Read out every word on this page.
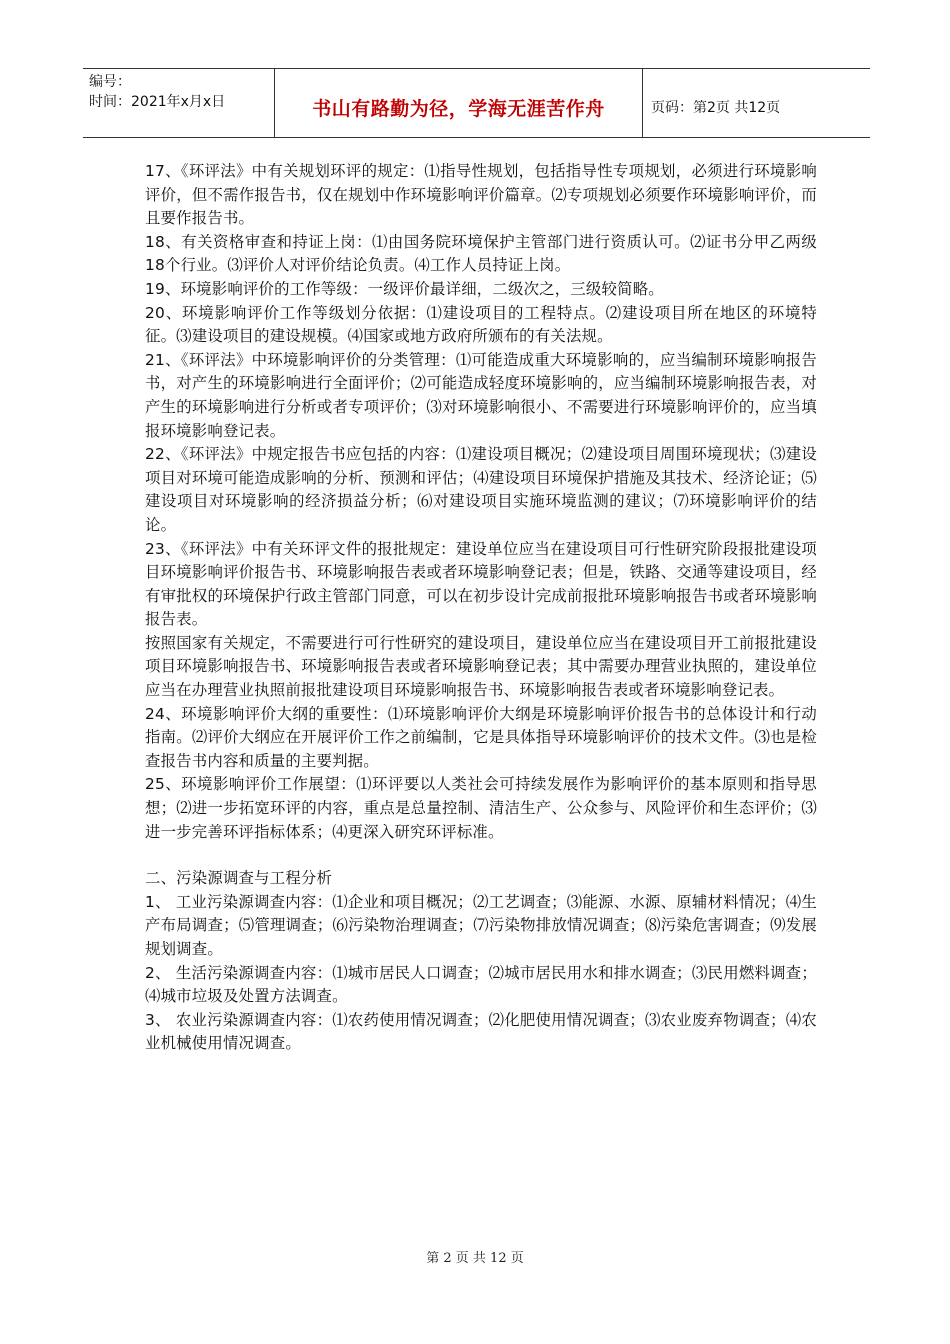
编号：
时间：2021年x月x日	书山有路勤为径，学海无涯苦作舟	页码：第2页 共12页

17、《环评法》中有关规划环评的规定：⑴指导性规划，包括指导性专项规划，必须进行环境影响评价，但不需作报告书，仅在规划中作环境影响评价篇章。⑵专项规划必须要作环境影响评价，而且要作报告书。

18、有关资格审查和持证上岗：⑴由国务院环境保护主管部门进行资质认可。⑵证书分甲乙两级18个行业。⑶评价人对评价结论负责。⑷工作人员持证上岗。

19、环境影响评价的工作等级：一级评价最详细，二级次之，三级较简略。

20、环境影响评价工作等级划分依据：⑴建设项目的工程特点。⑵建设项目所在地区的环境特征。⑶建设项目的建设规模。⑷国家或地方政府所颁布的有关法规。

21、《环评法》中环境影响评价的分类管理：⑴可能造成重大环境影响的，应当编制环境影响报告书，对产生的环境影响进行全面评价；⑵可能造成轻度环境影响的，应当编制环境影响报告表，对产生的环境影响进行分析或者专项评价；⑶对环境影响很小、不需要进行环境影响评价的，应当填报环境影响登记表。

22、《环评法》中规定报告书应包括的内容：⑴建设项目概况；⑵建设项目周围环境现状；⑶建设项目对环境可能造成影响的分析、预测和评估；⑷建设项目环境保护措施及其技术、经济论证；⑸建设项目对环境影响的经济损益分析；⑹对建设项目实施环境监测的建议；⑺环境影响评价的结论。

23、《环评法》中有关环评文件的报批规定：建设单位应当在建设项目可行性研究阶段报批建设项目环境影响评价报告书、环境影响报告表或者环境影响登记表；但是，铁路、交通等建设项目，经有审批权的环境保护行政主管部门同意，可以在初步设计完成前报批环境影响报告书或者环境影响报告表。

按照国家有关规定，不需要进行可行性研究的建设项目，建设单位应当在建设项目开工前报批建设项目环境影响报告书、环境影响报告表或者环境影响登记表；其中需要办理营业执照的，建设单位应当在办理营业执照前报批建设项目环境影响报告书、环境影响报告表或者环境影响登记表。

24、环境影响评价大纲的重要性：⑴环境影响评价大纲是环境影响评价报告书的总体设计和行动指南。⑵评价大纲应在开展评价工作之前编制，它是具体指导环境影响评价的技术文件。⑶也是检查报告书内容和质量的主要判据。

25、环境影响评价工作展望：⑴环评要以人类社会可持续发展作为影响评价的基本原则和指导思想；⑵进一步拓宽环评的内容，重点是总量控制、清洁生产、公众参与、风险评价和生态评价；⑶进一步完善环评指标体系；⑷更深入研究环评标准。

二、污染源调查与工程分析

1、 工业污染源调查内容：⑴企业和项目概况；⑵工艺调查；⑶能源、水源、原辅材料情况；⑷生产布局调查；⑸管理调查；⑹污染物治理调查；⑺污染物排放情况调查；⑻污染危害调查；⑼发展规划调查。

2、 生活污染源调查内容：⑴城市居民人口调查；⑵城市居民用水和排水调查；⑶民用燃料调查；⑷城市垃圾及处置方法调查。

3、 农业污染源调查内容：⑴农药使用情况调查；⑵化肥使用情况调查；⑶农业废弃物调查；⑷农业机械使用情况调查。

第 2 页 共 12 页
